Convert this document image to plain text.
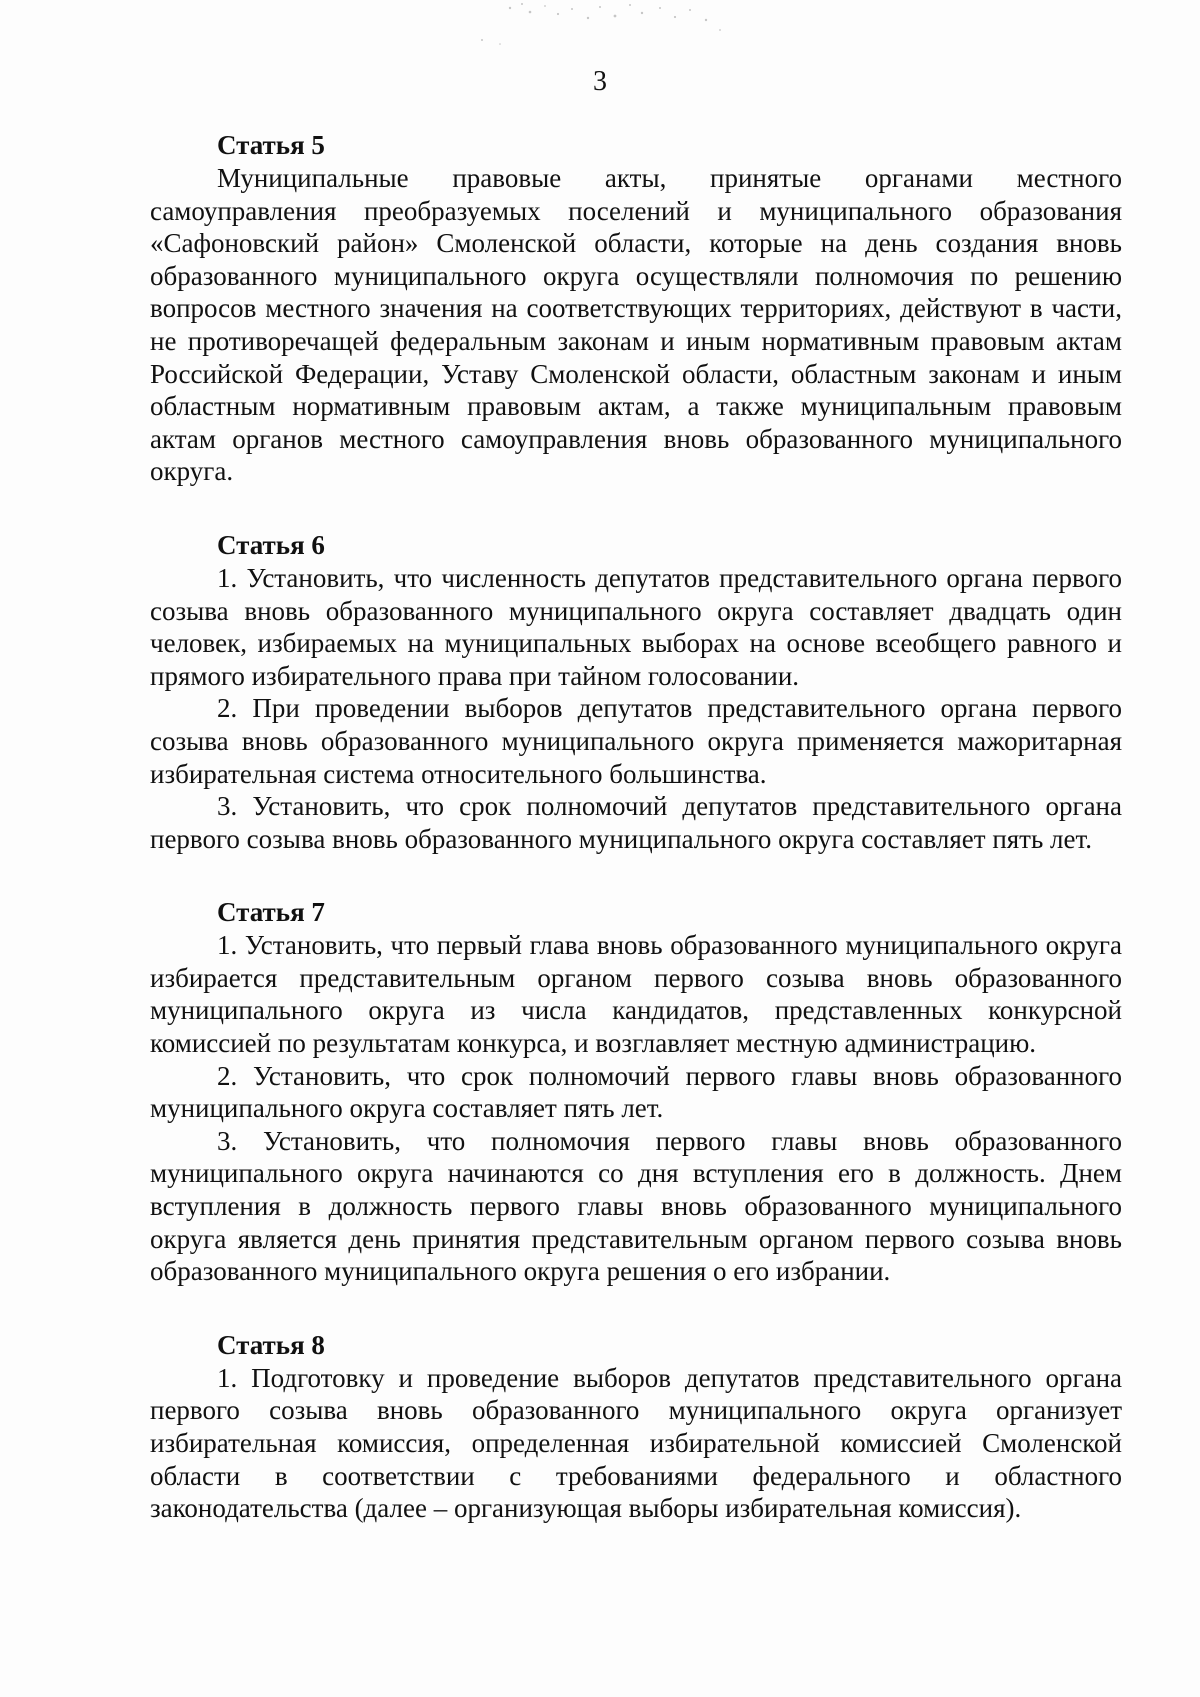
3
Статья 5

Муниципальные правовые акты, принятые органами местного самоуправления преобразуемых поселений и муниципального образования «Сафоновский район» Смоленской области, которые на день создания вновь образованного муниципального округа осуществляли полномочия по решению вопросов местного значения на соответствующих территориях, действуют в части, не противоречащей федеральным законам и иным нормативным правовым актам Российской Федерации, Уставу Смоленской области, областным законам и иным областным нормативным правовым актам, а также муниципальным правовым актам органов местного самоуправления вновь образованного муниципального округа.

Статья 6

1. Установить, что численность депутатов представительного органа первого созыва вновь образованного муниципального округа составляет двадцать один человек, избираемых на муниципальных выборах на основе всеобщего равного и прямого избирательного права при тайном голосовании.

2. При проведении выборов депутатов представительного органа первого созыва вновь образованного муниципального округа применяется мажоритарная избирательная система относительного большинства.

3. Установить, что срок полномочий депутатов представительного органа первого созыва вновь образованного муниципального округа составляет пять лет.

Статья 7

1. Установить, что первый глава вновь образованного муниципального округа избирается представительным органом первого созыва вновь образованного муниципального округа из числа кандидатов, представленных конкурсной комиссией по результатам конкурса, и возглавляет местную администрацию.

2. Установить, что срок полномочий первого главы вновь образованного муниципального округа составляет пять лет.

3. Установить, что полномочия первого главы вновь образованного муниципального округа начинаются со дня вступления его в должность. Днем вступления в должность первого главы вновь образованного муниципального округа является день принятия представительным органом первого созыва вновь образованного муниципального округа решения о его избрании.

Статья 8

1. Подготовку и проведение выборов депутатов представительного органа первого созыва вновь образованного муниципального округа организует избирательная комиссия, определенная избирательной комиссией Смоленской области в соответствии с требованиями федерального и областного законодательства (далее – организующая выборы избирательная комиссия).
